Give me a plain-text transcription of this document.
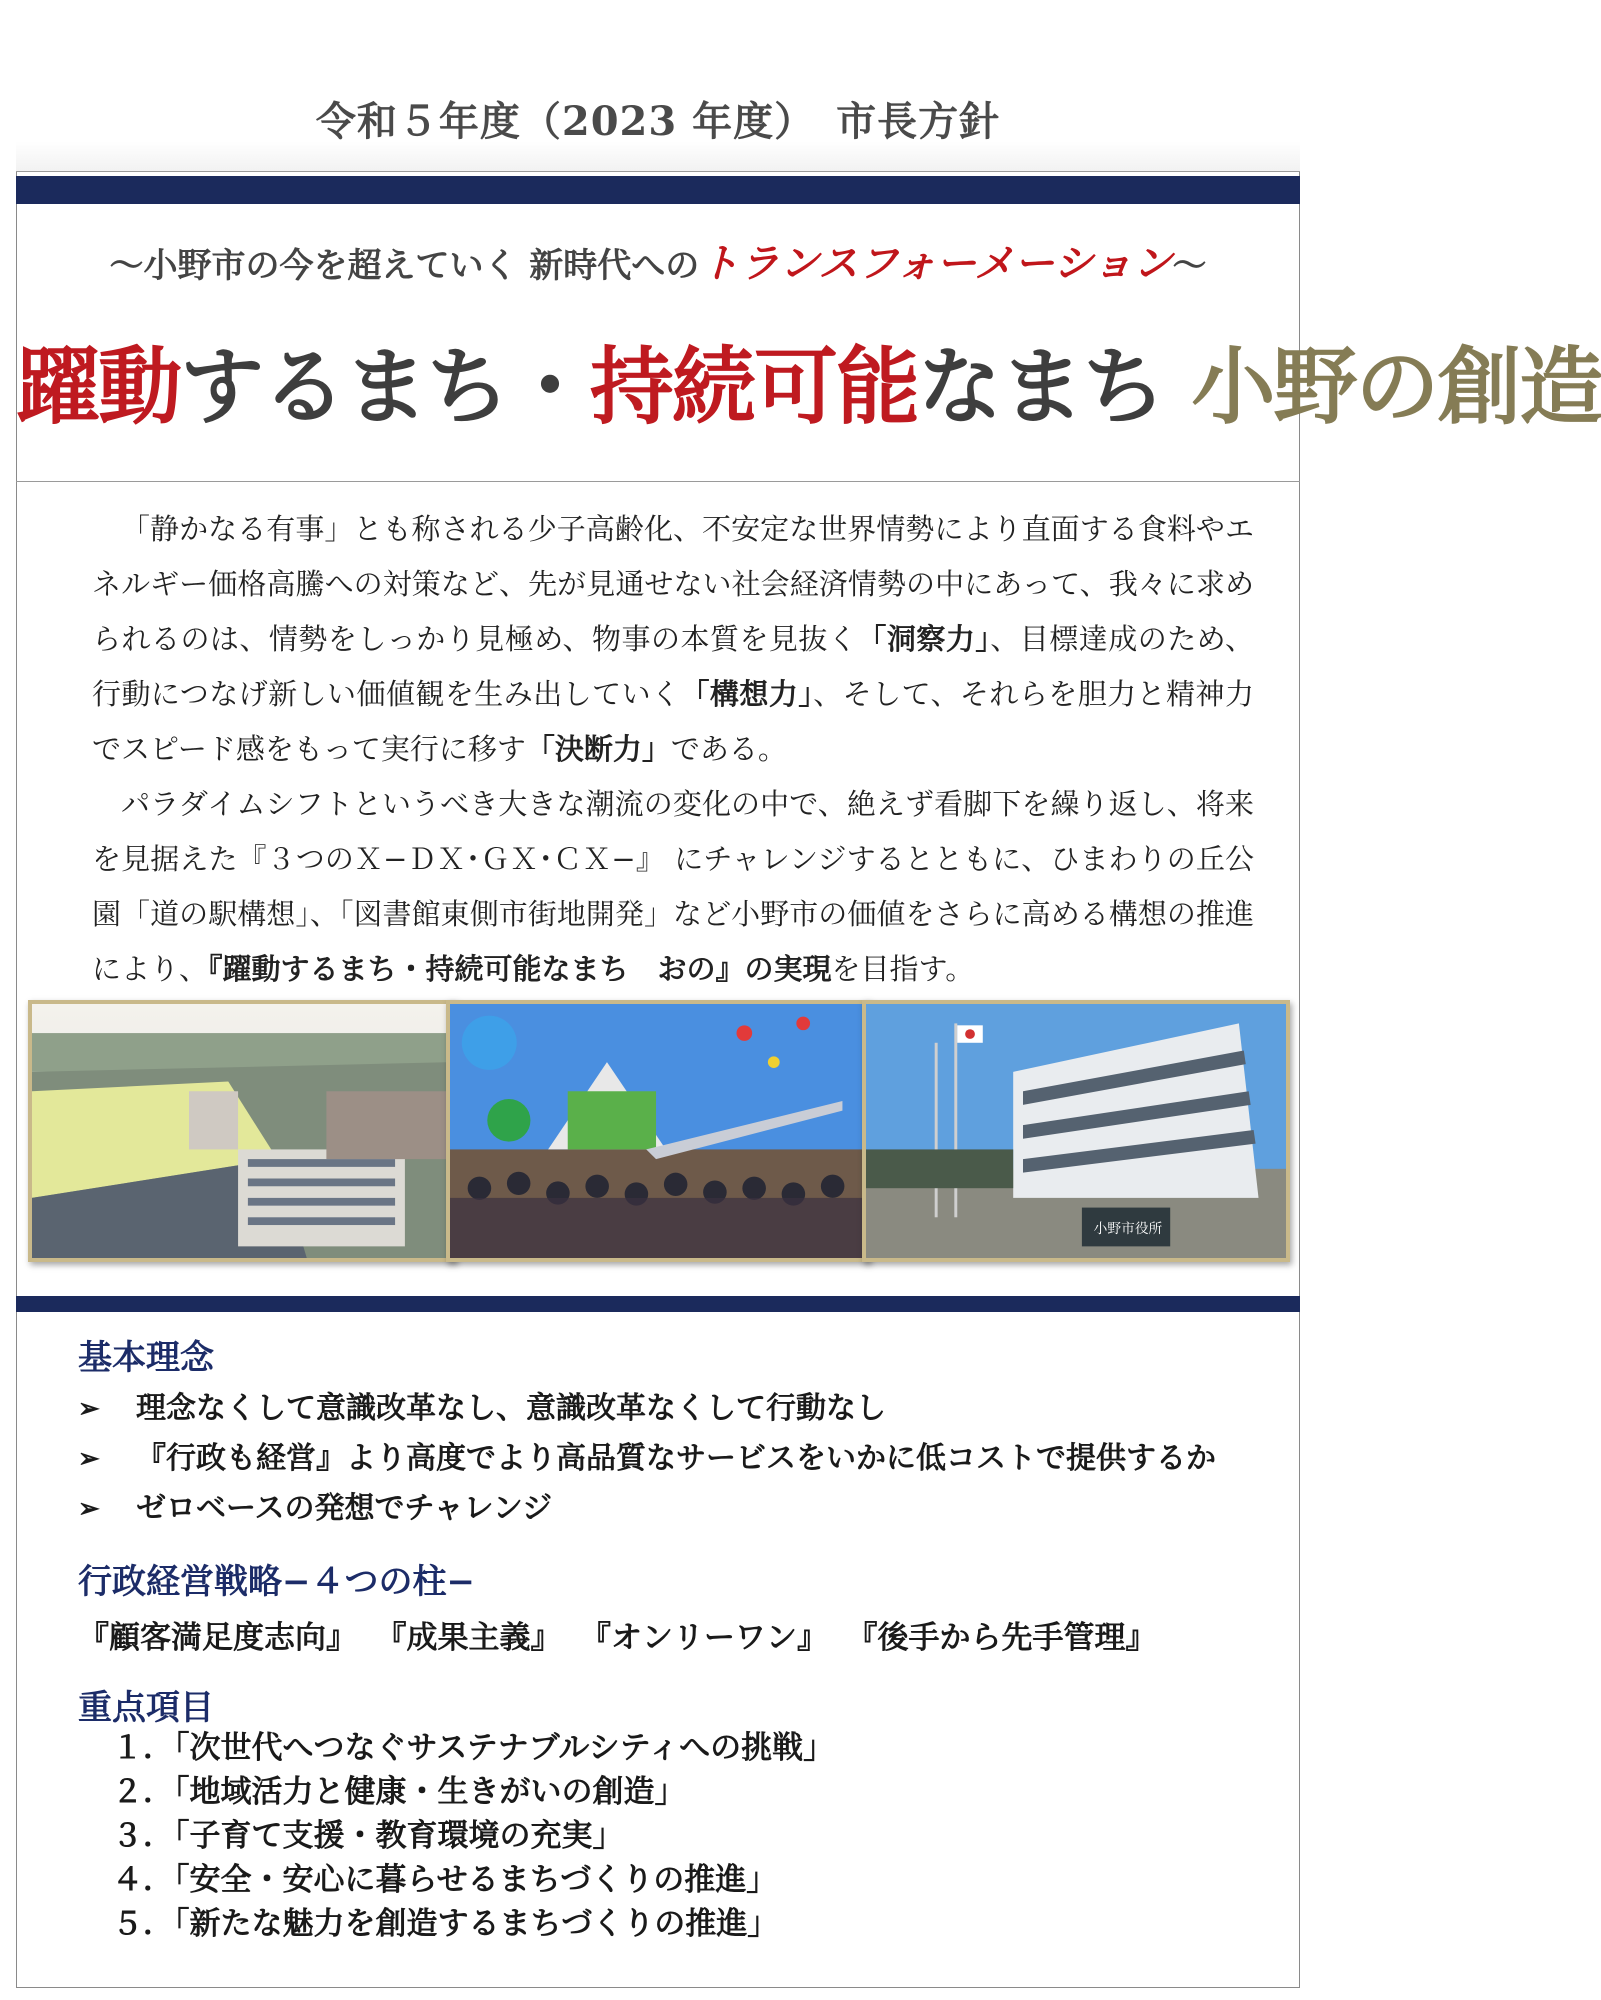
令和５年度（2023 年度）　市長方針
～小野市の今を超えていく 新時代へのトランスフォーメーション～
躍動するまち・持続可能なまち 小野の創造

「静かなる有事」とも称される少子高齢化、不安定な世界情勢により直面する食料やエネルギー価格高騰への対策など、先が見通せない社会経済情勢の中にあって、我々に求められるのは、情勢をしっかり見極め、物事の本質を見抜く「洞察力」、目標達成のため、行動につなげ新しい価値観を生み出していく「構想力」、そして、それらを胆力と精神力でスピード感をもって実行に移す「決断力」である。

パラダイムシフトというべき大きな潮流の変化の中で、絶えず看脚下を繰り返し、将来を見据えた『３つのＸ−ＤＸ･ＧＸ･ＣＸ−』 にチャレンジするとともに、ひまわりの丘公園「道の駅構想」、「図書館東側市街地開発」など小野市の価値をさらに高める構想の推進により、『躍動するまち・持続可能なまち　おの』の実現を目指す。

小野市役所
基本理念
➢ 理念なくして意識改革なし、意識改革なくして行動なし
➢ 『行政も経営』より高度でより高品質なサービスをいかに低コストで提供するか
➢ ゼロベースの発想でチャレンジ
行政経営戦略−４つの柱−
『顧客満足度志向』 『成果主義』 『オンリーワン』 『後手から先手管理』
重点項目
１．「次世代へつなぐサステナブルシティへの挑戦」
２．「地域活力と健康・生きがいの創造」
３．「子育て支援・教育環境の充実」
４．「安全・安心に暮らせるまちづくりの推進」
５．「新たな魅力を創造するまちづくりの推進」
